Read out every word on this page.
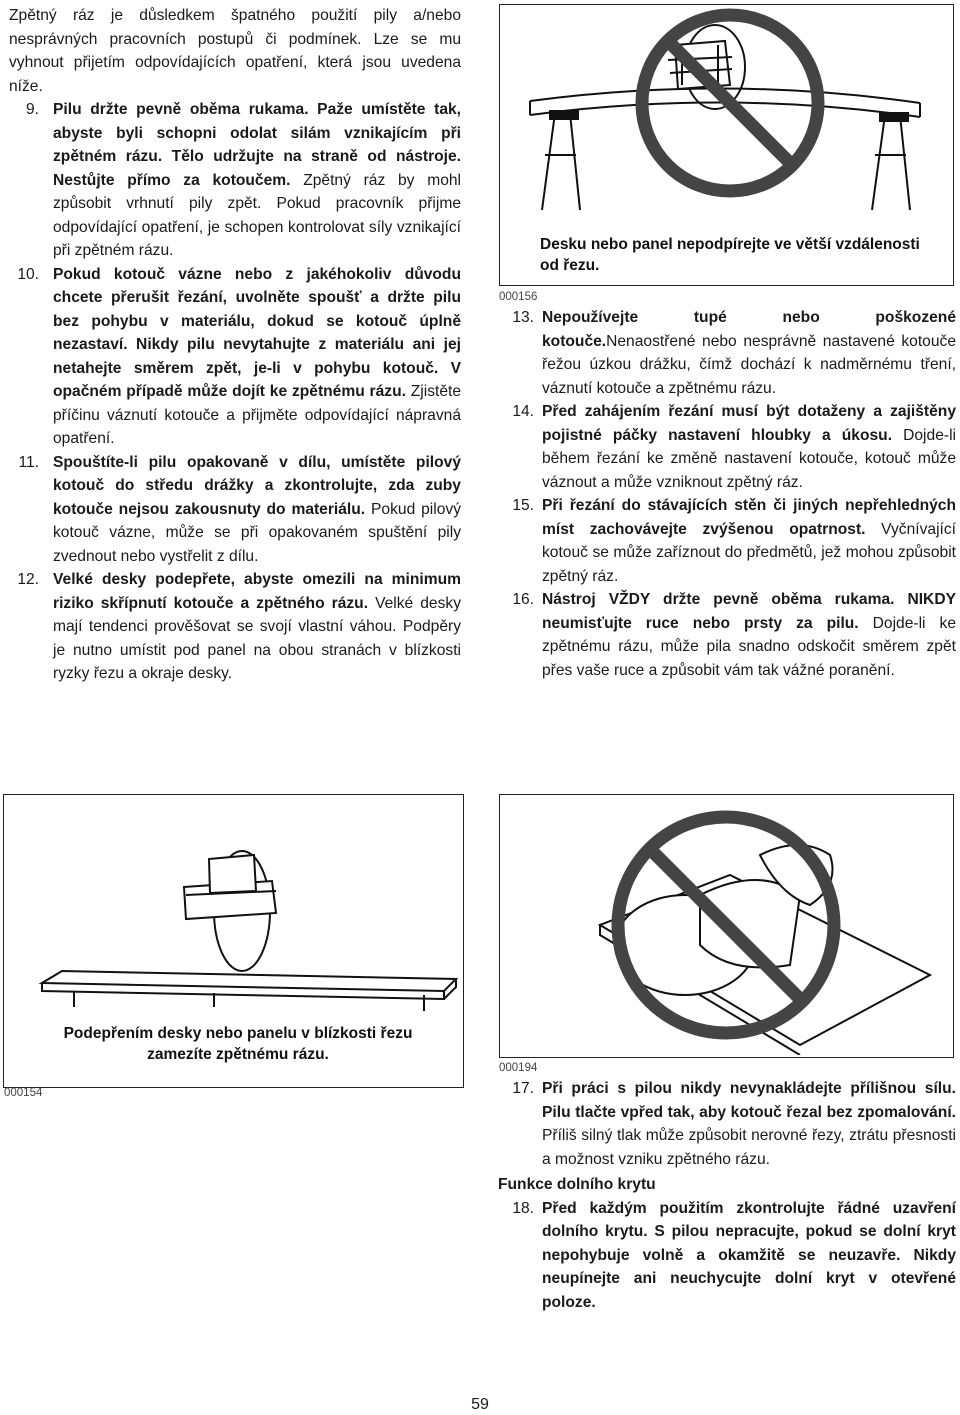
Zpětný ráz je důsledkem špatného použití pily a/nebo nesprávných pracovních postupů či podmínek. Lze se mu vyhnout přijetím odpovídajících opatření, která jsou uvedena níže.

9. Pilu držte pevně oběma rukama. Paže umístěte tak, abyste byli schopni odolat silám vznikajícím při zpětném rázu. Tělo udržujte na straně od nástroje. Nestůjte přímo za kotoučem. Zpětný ráz by mohl způsobit vrhnutí pily zpět. Pokud pracovník přijme odpovídající opatření, je schopen kontrolovat síly vznikající při zpětném rázu.
10. Pokud kotouč vázne nebo z jakéhokoliv důvodu chcete přerušit řezání, uvolněte spoušť a držte pilu bez pohybu v materiálu, dokud se kotouč úplně nezastaví. Nikdy pilu nevytahujte z materiálu ani jej netahejte směrem zpět, je-li v pohybu kotouč. V opačném případě může dojít ke zpětnému rázu. Zjistěte příčinu váznutí kotouče a přijměte odpovídající nápravná opatření.
11. Spouštíte-li pilu opakovaně v dílu, umístěte pilový kotouč do středu drážky a zkontrolujte, zda zuby kotouče nejsou zakousnuty do materiálu. Pokud pilový kotouč vázne, může se při opakovaném spuštění pily zvednout nebo vystřelit z dílu.
12. Velké desky podepřete, abyste omezili na minimum riziko skřípnutí kotouče a zpětného rázu. Velké desky mají tendenci prověšovat se svojí vlastní váhou. Podpěry je nutno umístit pod panel na obou stranách v blízkosti ryzky řezu a okraje desky.
Desku nebo panel nepodpírejte ve větší vzdálenosti od řezu.
000156
13. Nepoužívejte tupé nebo poškozené kotouče.Nenaostřené nebo nesprávně nastavené kotouče řežou úzkou drážku, čímž dochází k nadměrnému tření, váznutí kotouče a zpětnému rázu.
14. Před zahájením řezání musí být dotaženy a zajištěny pojistné páčky nastavení hloubky a úkosu. Dojde-li během řezání ke změně nastavení kotouče, kotouč může váznout a může vzniknout zpětný ráz.
15. Při řezání do stávajících stěn či jiných nepřehledných míst zachovávejte zvýšenou opatrnost. Vyčnívající kotouč se může zaříznout do předmětů, jež mohou způsobit zpětný ráz.
16. Nástroj VŽDY držte pevně oběma rukama. NIKDY neumisťujte ruce nebo prsty za pilu. Dojde-li ke zpětnému rázu, může pila snadno odskočit směrem zpět přes vaše ruce a způsobit vám tak vážné poranění.
Podepřením desky nebo panelu v blízkosti řezu zamezíte zpětnému rázu.
000154
000194
17. Při práci s pilou nikdy nevynakládejte přílišnou sílu. Pilu tlačte vpřed tak, aby kotouč řezal bez zpomalování. Příliš silný tlak může způsobit nerovné řezy, ztrátu přesnosti a možnost vzniku zpětného rázu.

Funkce dolního krytu

18. Před každým použitím zkontrolujte řádné uzavření dolního krytu. S pilou nepracujte, pokud se dolní kryt nepohybuje volně a okamžitě se neuzavře. Nikdy neupínejte ani neuchycujte dolní kryt v otevřené poloze.
59
